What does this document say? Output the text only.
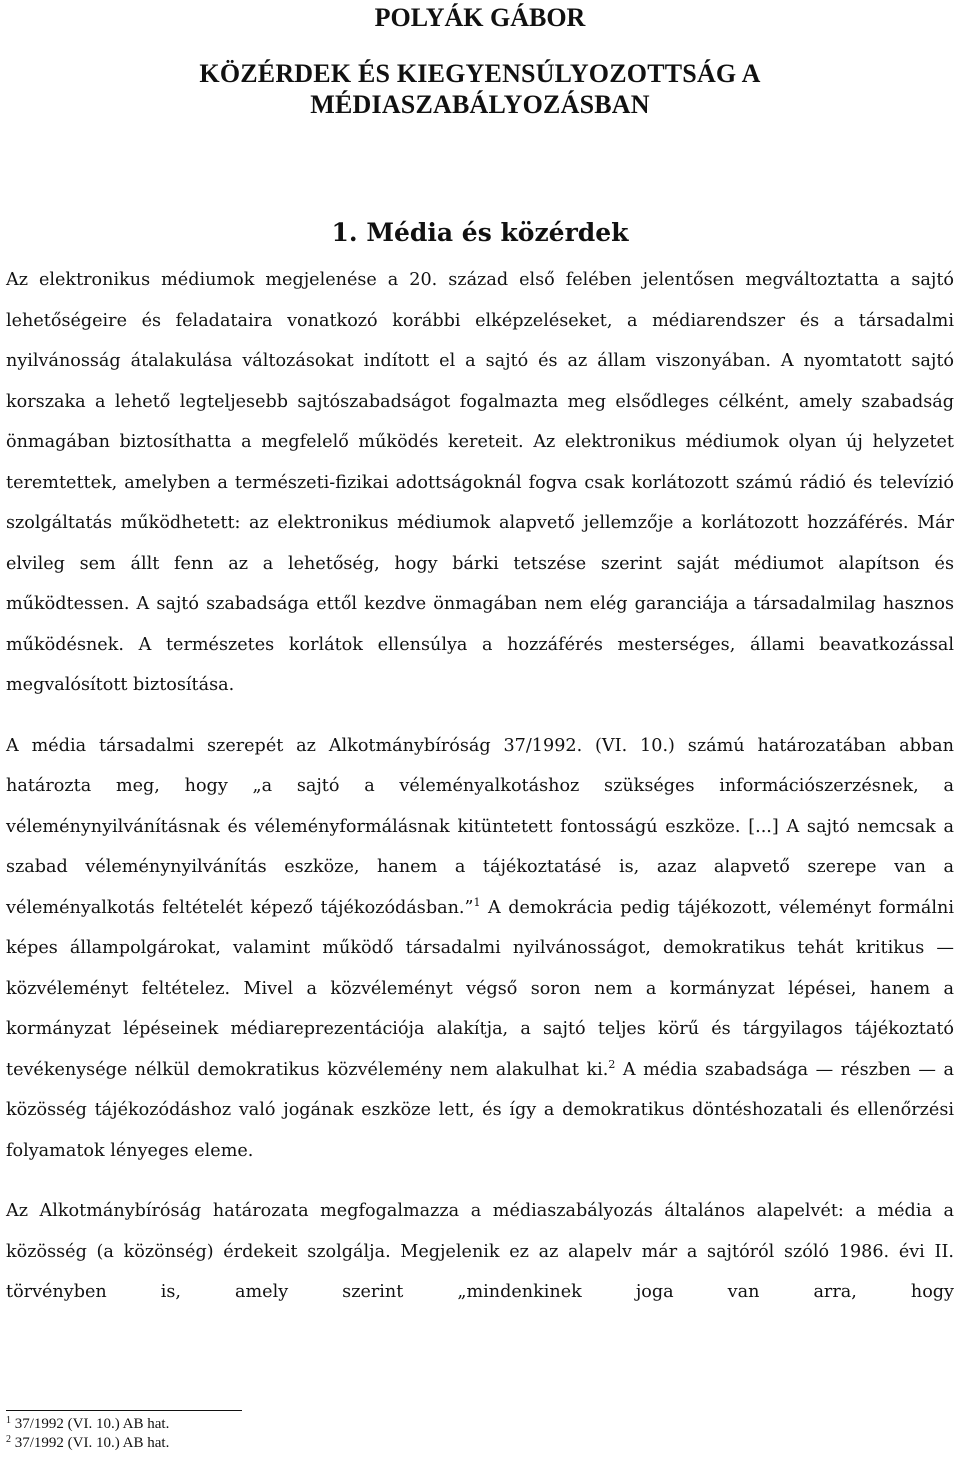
POLYÁK GÁBOR
KÖZÉRDEK ÉS KIEGYENSÚLYOZOTTSÁG A
MÉDIASZABÁLYOZÁSBAN
1. Média és közérdek

Az elektronikus médiumok megjelenése a 20. század első felében jelentősen megváltoztatta a sajtó lehetőségeire és feladataira vonatkozó korábbi elképzeléseket, a médiarendszer és a társadalmi nyilvánosság átalakulása változásokat indított el a sajtó és az állam viszonyában. A nyomtatott sajtó korszaka a lehető legteljesebb sajtószabadságot fogalmazta meg elsődleges célként, amely szabadság önmagában biztosíthatta a megfelelő működés kereteit. Az elektronikus médiumok olyan új helyzetet teremtettek, amelyben a természeti-fizikai adottságoknál fogva csak korlátozott számú rádió és televízió szolgáltatás működhetett: az elektronikus médiumok alapvető jellemzője a korlátozott hozzáférés. Már elvileg sem állt fenn az a lehetőség, hogy bárki tetszése szerint saját médiumot alapítson és működtessen. A sajtó szabadsága ettől kezdve önmagában nem elég garanciája a társadalmilag hasznos működésnek. A természetes korlátok ellensúlya a hozzáférés mesterséges, állami beavatkozással megvalósított biztosítása.

A média társadalmi szerepét az Alkotmánybíróság 37/1992. (VI. 10.) számú határozatában abban határozta meg, hogy „a sajtó a véleményalkotáshoz szükséges információszerzésnek, a véleménynyilvánításnak és véleményformálásnak kitüntetett fontosságú eszköze. [...] A sajtó nemcsak a szabad véleménynyilvánítás eszköze, hanem a tájékoztatásé is, azaz alapvető szerepe van a véleményalkotás feltételét képező tájékozódásban.”$^1$ A demokrácia pedig tájékozott, véleményt formálni képes állampolgárokat, valamint működő társadalmi nyilvánosságot, demokratikus tehát kritikus — közvéleményt feltételez. Mivel a közvéleményt végső soron nem a kormányzat lépései, hanem a kormányzat lépéseinek médiareprezentációja alakítja, a sajtó teljes körű és tárgyilagos tájékoztató tevékenysége nélkül demokratikus közvélemény nem alakulhat ki.$^2$ A média szabadsága — részben — a közösség tájékozódáshoz való jogának eszköze lett, és így a demokratikus döntéshozatali és ellenőrzési folyamatok lényeges eleme.

Az Alkotmánybíróság határozata megfogalmazza a médiaszabályozás általános alapelvét: a média a közösség (a közönség) érdekeit szolgálja. Megjelenik ez az alapelv már a sajtóról szóló 1986. évi II. törvényben is, amely szerint „mindenkinek joga van arra, hogy

$^1$ 37/1992 (VI. 10.) AB hat.

$^2$ 37/1992 (VI. 10.) AB hat.
